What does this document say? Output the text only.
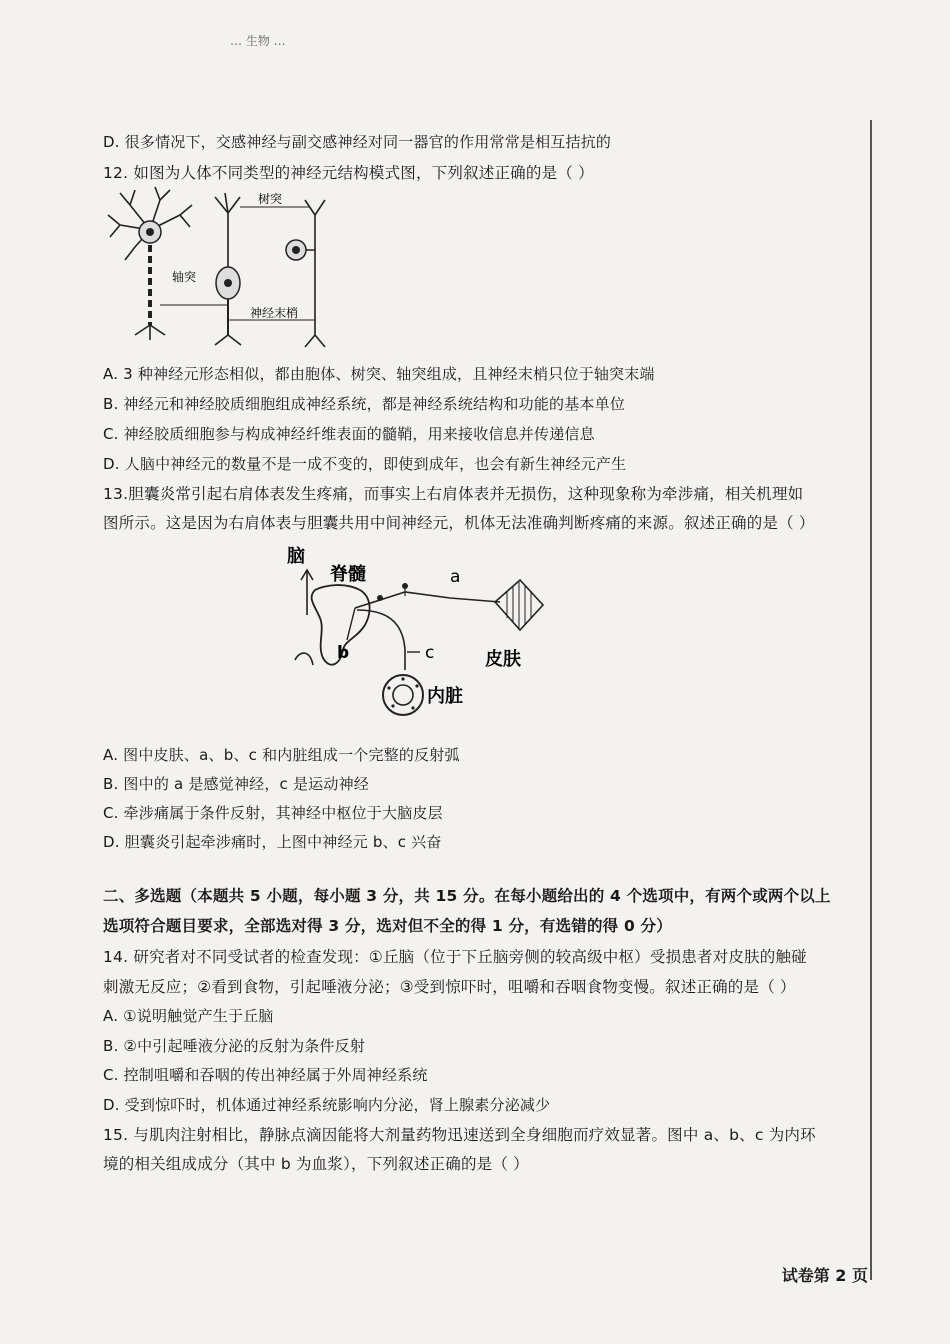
… 生物 …
D. 很多情况下，交感神经与副交感神经对同一器官的作用常常是相互拮抗的
12. 如图为人体不同类型的神经元结构模式图，下列叙述正确的是（ ）
树突
轴突
神经末梢
A. 3 种神经元形态相似，都由胞体、树突、轴突组成，且神经末梢只位于轴突末端
B. 神经元和神经胶质细胞组成神经系统，都是神经系统结构和功能的基本单位
C. 神经胶质细胞参与构成神经纤维表面的髓鞘，用来接收信息并传递信息
D. 人脑中神经元的数量不是一成不变的，即使到成年，也会有新生神经元产生
13.胆囊炎常引起右肩体表发生疼痛，而事实上右肩体表并无损伤，这种现象称为牵涉痛，相关机理如
图所示。这是因为右肩体表与胆囊共用中间神经元，机体无法准确判断疼痛的来源。叙述正确的是（ ）
脑
脊髓	a
b	c	皮肤
内脏
A. 图中皮肤、a、b、c 和内脏组成一个完整的反射弧
B. 图中的 a 是感觉神经，c 是运动神经
C. 牵涉痛属于条件反射，其神经中枢位于大脑皮层
D. 胆囊炎引起牵涉痛时，上图中神经元 b、c 兴奋
二、多选题（本题共 5 小题，每小题 3 分，共 15 分。在每小题给出的 4 个选项中，有两个或两个以上
选项符合题目要求，全部选对得 3 分，选对但不全的得 1 分，有选错的得 0 分）
14. 研究者对不同受试者的检查发现：①丘脑（位于下丘脑旁侧的较高级中枢）受损患者对皮肤的触碰
刺激无反应；②看到食物，引起唾液分泌；③受到惊吓时，咀嚼和吞咽食物变慢。叙述正确的是（ ）
A. ①说明触觉产生于丘脑
B. ②中引起唾液分泌的反射为条件反射
C. 控制咀嚼和吞咽的传出神经属于外周神经系统
D. 受到惊吓时，机体通过神经系统影响内分泌，肾上腺素分泌减少
15. 与肌肉注射相比，静脉点滴因能将大剂量药物迅速送到全身细胞而疗效显著。图中 a、b、c 为内环
境的相关组成成分（其中 b 为血浆），下列叙述正确的是（ ）
试卷第 2 页
